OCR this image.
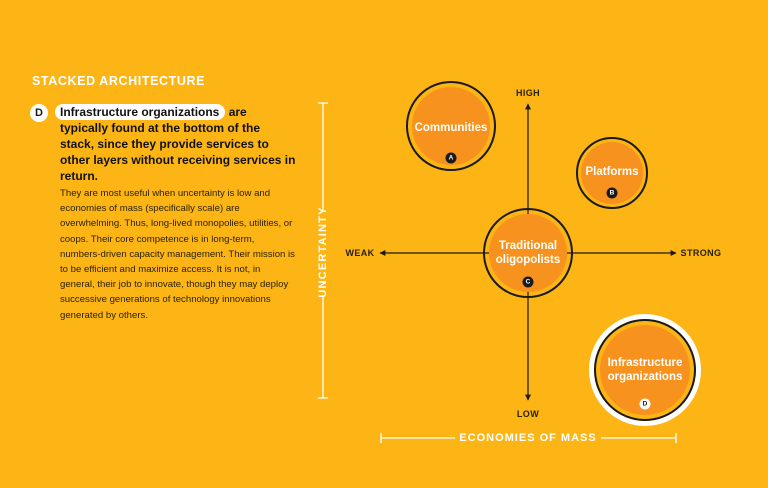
STACKED ARCHITECTURE
D	Infrastructure organizations are typically found at the bottom of the stack, since they provide services to other layers without receiving services in return.
They are most useful when uncertainty is low and economies of mass (specifically scale) are overwhelming. Thus, long-lived monopolies, utilities, or coops. Their core competence is in long-term, numbers-driven capacity management. Their mission is to be efficient and maximize access. It is not, in general, their job to innovate, though they may deploy successive generations of technology innovations generated by others.
HIGH
LOW
WEAK	STRONG
UNCERTAINTY
ECONOMIES OF MASS
Communities
A
Platforms
B
Traditional
oligopolists
C
Infrastructure
organizations
D
